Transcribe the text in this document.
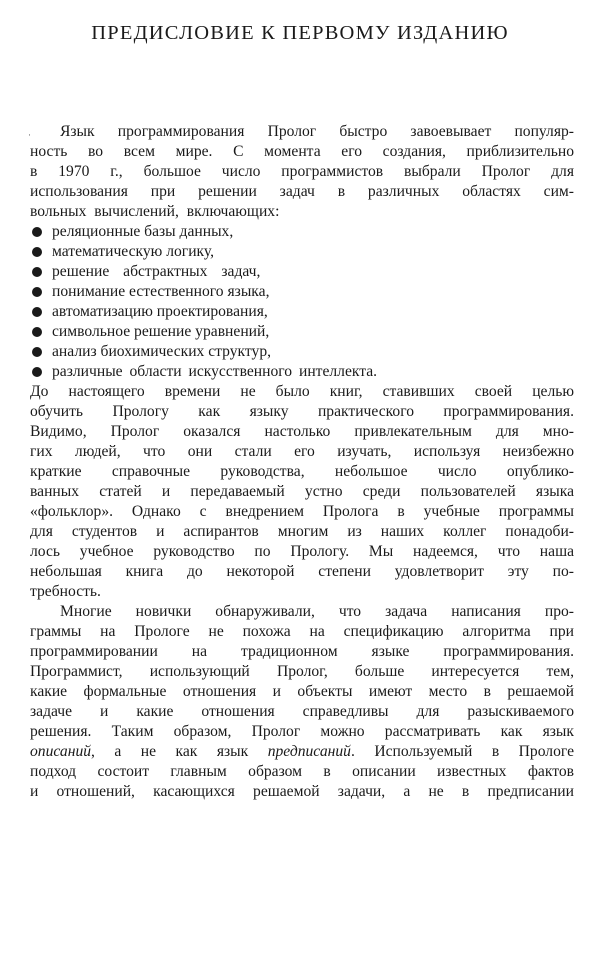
ПРЕДИСЛОВИЕ К ПЕРВОМУ ИЗДАНИЮ
·	Язык программирования Пролог быстро завоевывает популяр-
ность во всем мире. С момента его создания, приблизительно
в 1970 г., большое число программистов выбрали Пролог для
использования при решении задач в различных областях сим-
вольных вычислений, включающих:
реляционные базы данных,
математическую логику,
решение абстрактных задач,
понимание естественного языка,
автоматизацию проектирования,
символьное решение уравнений,
анализ биохимических структур,
различные области искусственного интеллекта.
До настоящего времени не было книг, ставивших своей целью
обучить Прологу как языку практического программирования.
Видимо, Пролог оказался настолько привлекательным для мно-
гих людей, что они стали его изучать, используя неизбежно
краткие справочные руководства, небольшое число опублико-
ванных статей и передаваемый устно среди пользователей языка
«фольклор». Однако с внедрением Пролога в учебные программы
для студентов и аспирантов многим из наших коллег понадоби-
лось учебное руководство по Прологу. Мы надеемся, что наша
небольшая книга до некоторой степени удовлетворит эту по-
требность.
Многие новички обнаруживали, что задача написания про-
граммы на Прологе не похожа на спецификацию алгоритма при
программировании на традиционном языке программирования.
Программист, использующий Пролог, больше интересуется тем,
какие формальные отношения и объекты имеют место в решаемой
задаче и какие отношения справедливы для разыскиваемого
решения. Таким образом, Пролог можно рассматривать как язык
описаний, а не как язык предписаний. Используемый в Прологе
подход состоит главным образом в описании известных фактов
и отношений, касающихся решаемой задачи, а не в предписании
